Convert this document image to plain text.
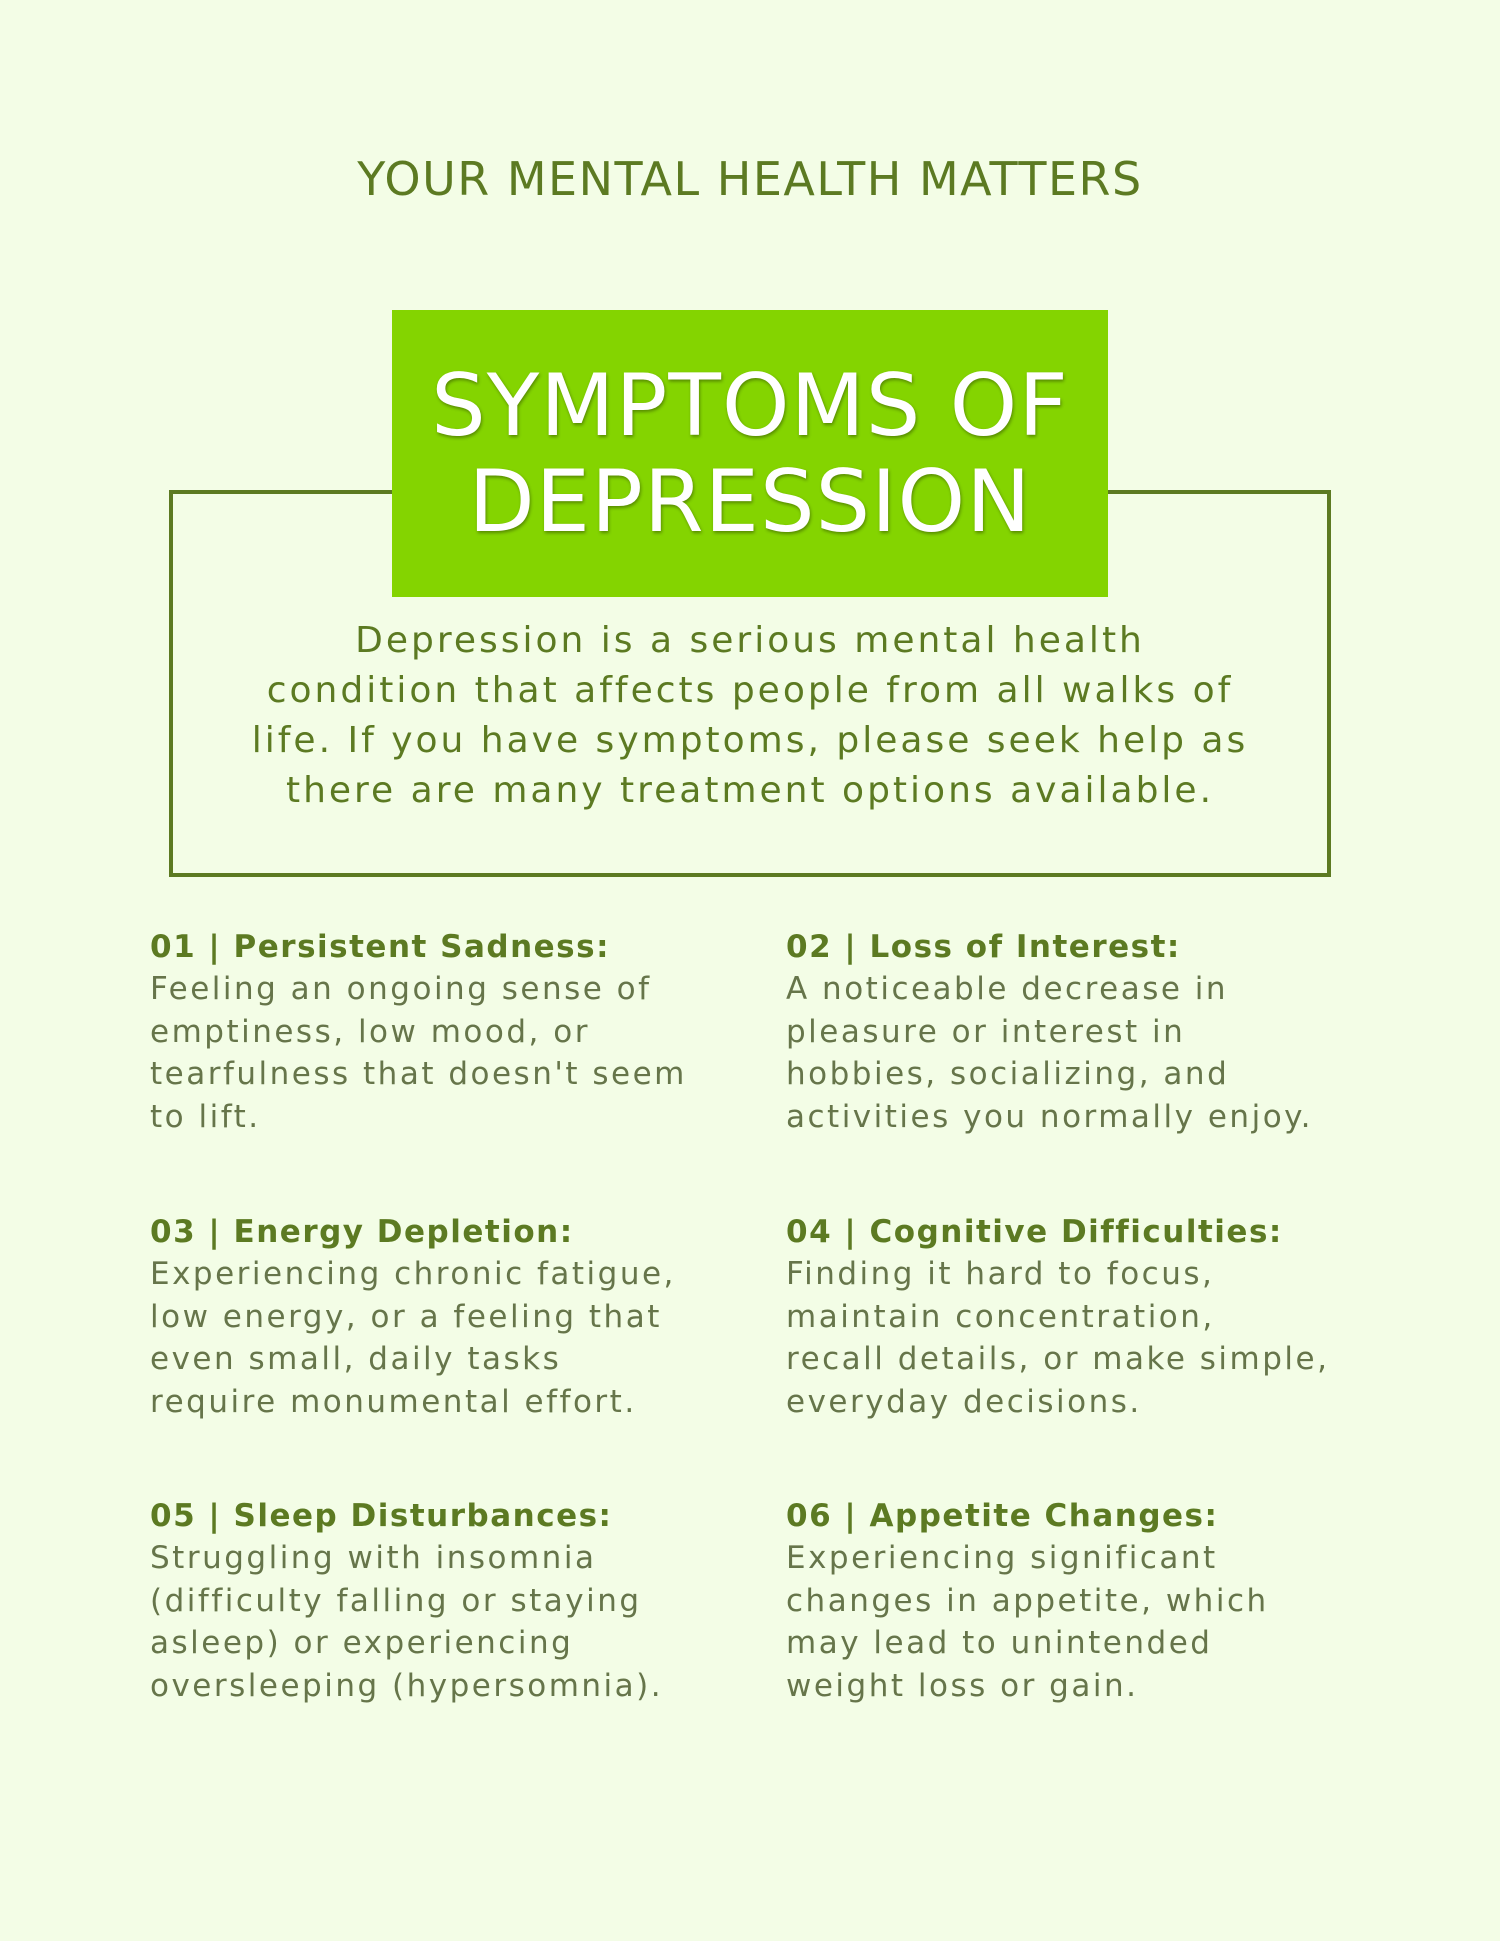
YOUR MENTAL HEALTH MATTERS
SYMPTOMS OF
DEPRESSION
Depression is a serious mental health
condition that affects people from all walks of
life. If you have symptoms, please seek help as
there are many treatment options available.
01 | Persistent Sadness:
Feeling an ongoing sense of
emptiness, low mood, or
tearfulness that doesn't seem
to lift.
02 | Loss of Interest:
A noticeable decrease in
pleasure or interest in
hobbies, socializing, and
activities you normally enjoy.
03 | Energy Depletion:
Experiencing chronic fatigue,
low energy, or a feeling that
even small, daily tasks
require monumental effort.
04 | Cognitive Difficulties:
Finding it hard to focus,
maintain concentration,
recall details, or make simple,
everyday decisions.
05 | Sleep Disturbances:
Struggling with insomnia
(difficulty falling or staying
asleep) or experiencing
oversleeping (hypersomnia).
06 | Appetite Changes:
Experiencing significant
changes in appetite, which
may lead to unintended
weight loss or gain.
